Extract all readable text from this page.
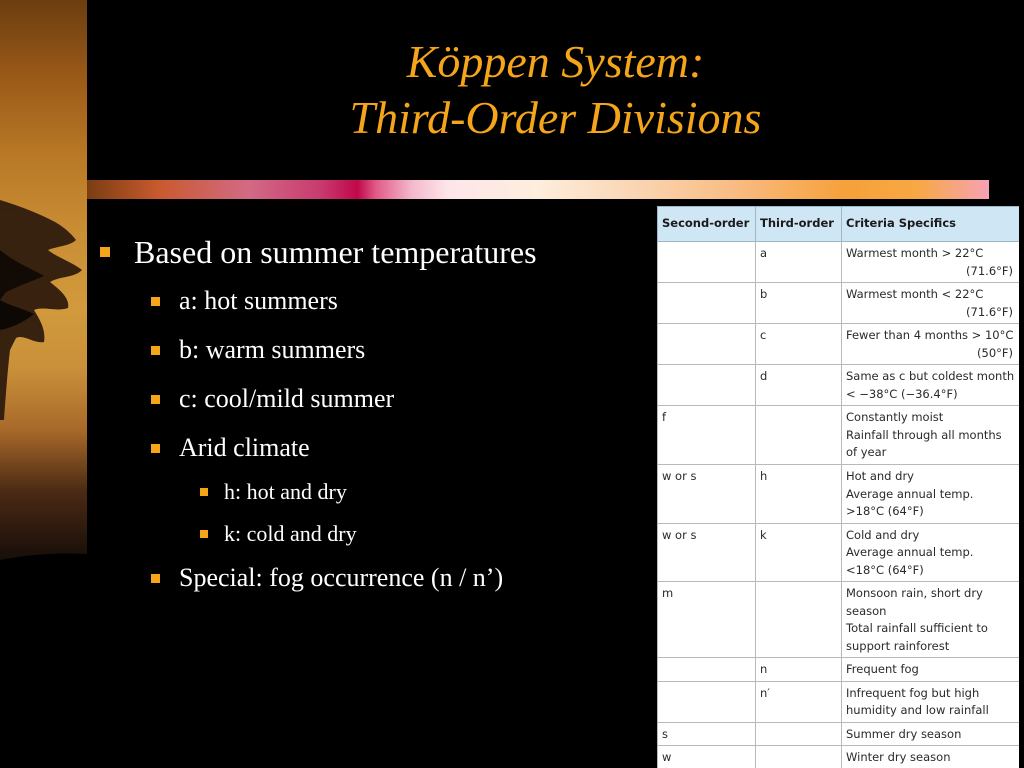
Köppen System:
Third-Order Divisions
Based on summer temperatures
a: hot summers
b: warm summers
c: cool/mild summer
Arid climate
h: hot and dry
k: cold and dry
Special: fog occurrence (n / n’)
Second-order	Third-order	Criteria Specifics
	a	Warmest month > 22°C
(71.6°F)

	b	Warmest month < 22°C
(71.6°F)

	c	Fewer than 4 months > 10°C
(50°F)

	d	Same as c but coldest month
< −38°C (−36.4°F)
f		Constantly moist
Rainfall through all months of year
w or s	h	Hot and dry
Average annual temp. >18°C (64°F)
w or s	k	Cold and dry
Average annual temp. <18°C (64°F)
m		Monsoon rain, short dry season
Total rainfall sufficient to support rainforest
	n	Frequent fog
	n′	Infrequent fog but high humidity and low rainfall
s		Summer dry season
w		Winter dry season
